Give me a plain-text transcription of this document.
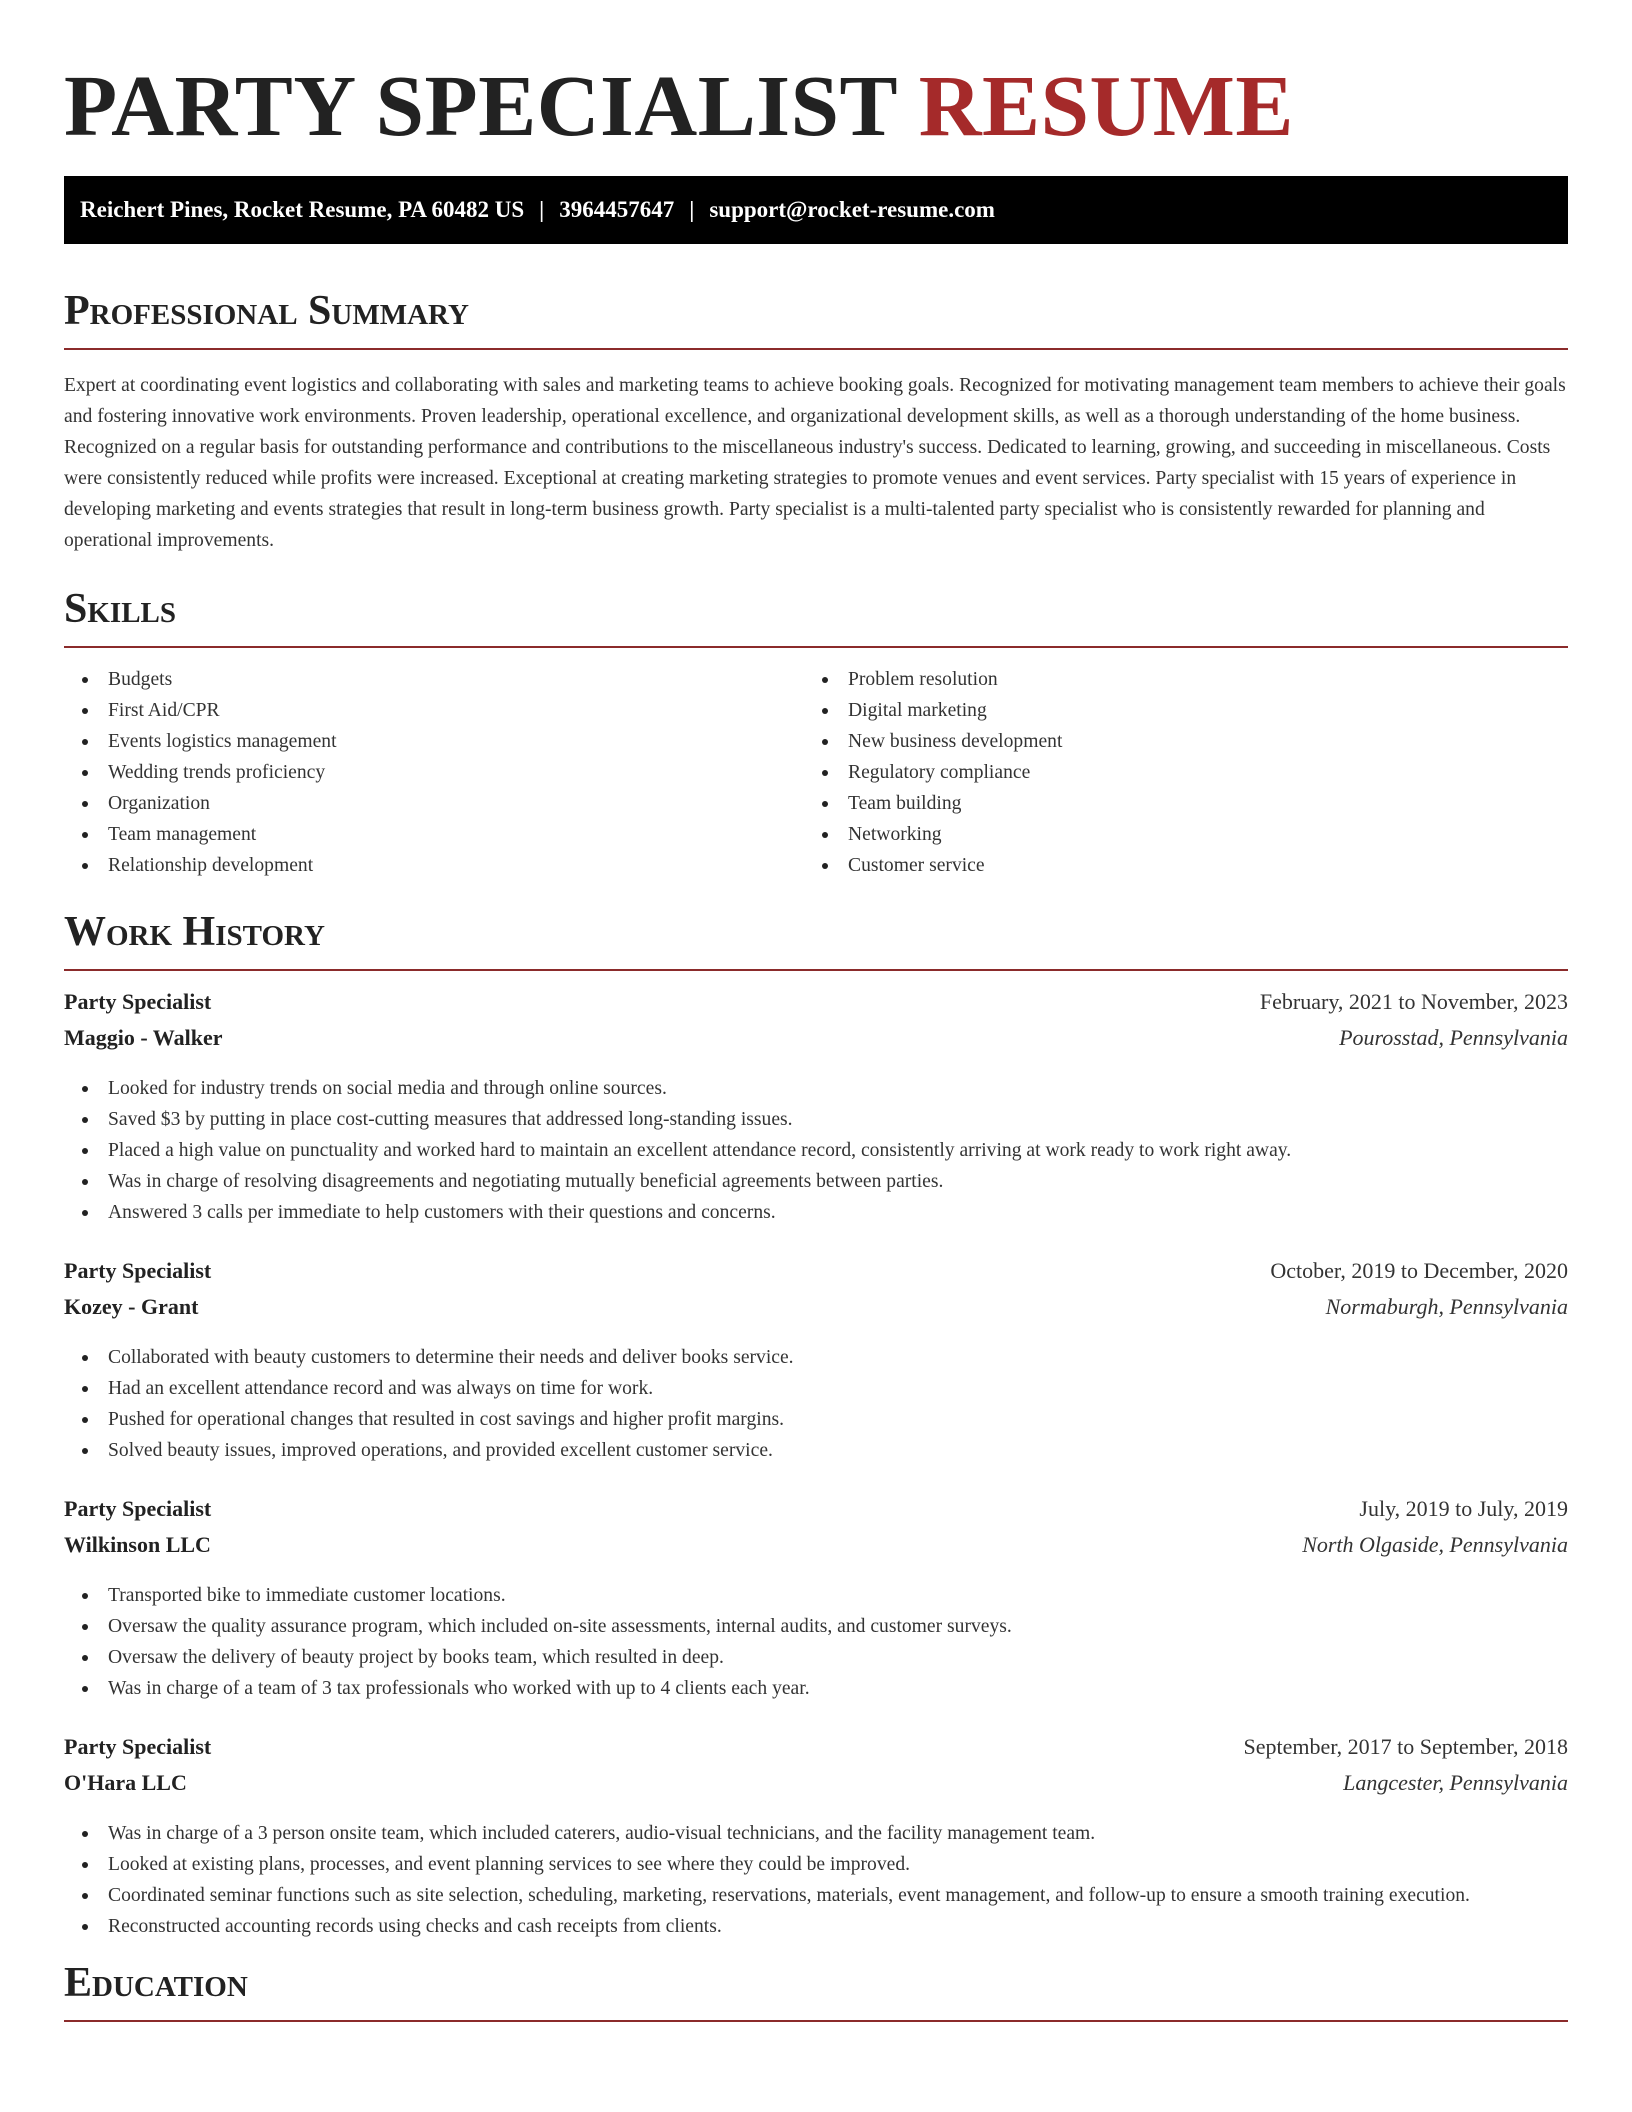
PARTY SPECIALIST RESUME
Reichert Pines, Rocket Resume, PA 60482 US | 3964457647 | support@rocket-resume.com
Professional Summary

Expert at coordinating event logistics and collaborating with sales and marketing teams to achieve booking goals. Recognized for motivating management team members to achieve their goals and fostering innovative work environments. Proven leadership, operational excellence, and organizational development skills, as well as a thorough understanding of the home business. Recognized on a regular basis for outstanding performance and contributions to the miscellaneous industry's success. Dedicated to learning, growing, and succeeding in miscellaneous. Costs were consistently reduced while profits were increased. Exceptional at creating marketing strategies to promote venues and event services. Party specialist with 15 years of experience in developing marketing and events strategies that result in long-term business growth. Party specialist is a multi-talented party specialist who is consistently rewarded for planning and operational improvements.

Skills
Budgets
First Aid/CPR
Events logistics management
Wedding trends proficiency
Organization
Team management
Relationship development
Problem resolution
Digital marketing
New business development
Regulatory compliance
Team building
Networking
Customer service
Work History
Party Specialist	February, 2021 to November, 2023
Maggio - Walker	Pourosstad, Pennsylvania
Looked for industry trends on social media and through online sources.
Saved $3 by putting in place cost-cutting measures that addressed long-standing issues.
Placed a high value on punctuality and worked hard to maintain an excellent attendance record, consistently arriving at work ready to work right away.
Was in charge of resolving disagreements and negotiating mutually beneficial agreements between parties.
Answered 3 calls per immediate to help customers with their questions and concerns.
Party Specialist	October, 2019 to December, 2020
Kozey - Grant	Normaburgh, Pennsylvania
Collaborated with beauty customers to determine their needs and deliver books service.
Had an excellent attendance record and was always on time for work.
Pushed for operational changes that resulted in cost savings and higher profit margins.
Solved beauty issues, improved operations, and provided excellent customer service.
Party Specialist	July, 2019 to July, 2019
Wilkinson LLC	North Olgaside, Pennsylvania
Transported bike to immediate customer locations.
Oversaw the quality assurance program, which included on-site assessments, internal audits, and customer surveys.
Oversaw the delivery of beauty project by books team, which resulted in deep.
Was in charge of a team of 3 tax professionals who worked with up to 4 clients each year.
Party Specialist	September, 2017 to September, 2018
O'Hara LLC	Langcester, Pennsylvania
Was in charge of a 3 person onsite team, which included caterers, audio-visual technicians, and the facility management team.
Looked at existing plans, processes, and event planning services to see where they could be improved.
Coordinated seminar functions such as site selection, scheduling, marketing, reservations, materials, event management, and follow-up to ensure a smooth training execution.
Reconstructed accounting records using checks and cash receipts from clients.
Education
